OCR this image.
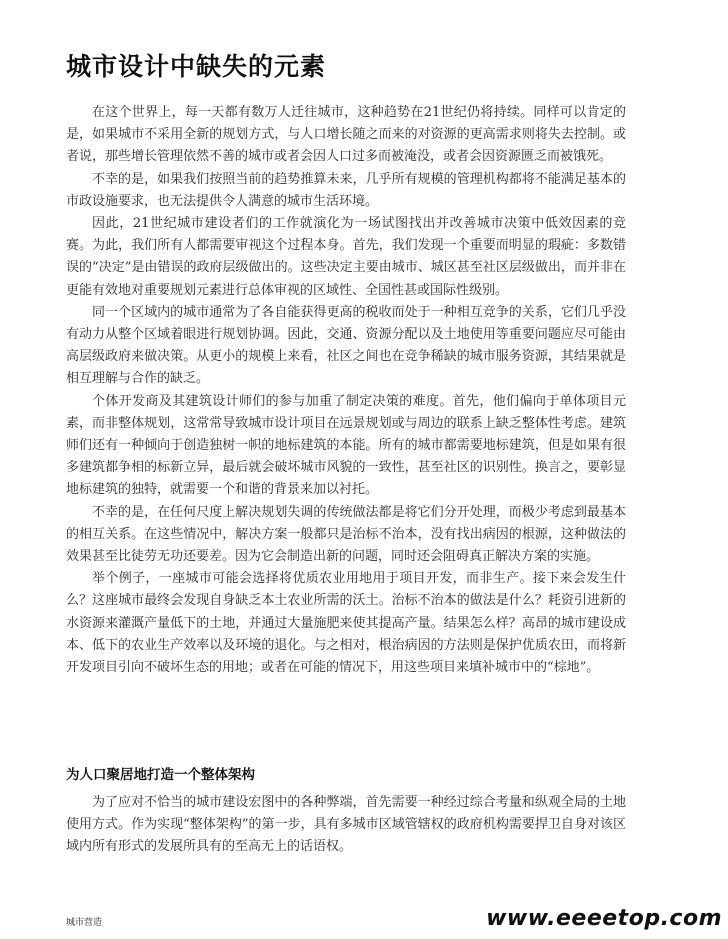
城市设计中缺失的元素

在这个世界上，每一天都有数万人迁往城市，这种趋势在21世纪仍将持续。同样可以肯定的是，如果城市不采用全新的规划方式，与人口增长随之而来的对资源的更高需求则将失去控制。或者说，那些增长管理依然不善的城市或者会因人口过多而被淹没，或者会因资源匮乏而被饿死。

不幸的是，如果我们按照当前的趋势推算未来，几乎所有规模的管理机构都将不能满足基本的市政设施要求，也无法提供令人满意的城市生活环境。

因此，21世纪城市建设者们的工作就演化为一场试图找出并改善城市决策中低效因素的竞赛。为此，我们所有人都需要审视这个过程本身。首先，我们发现一个重要而明显的瑕疵：多数错误的“决定”是由错误的政府层级做出的。这些决定主要由城市、城区甚至社区层级做出，而并非在更能有效地对重要规划元素进行总体审视的区域性、全国性甚或国际性级别。

同一个区域内的城市通常为了各自能获得更高的税收而处于一种相互竞争的关系，它们几乎没有动力从整个区域着眼进行规划协调。因此，交通、资源分配以及土地使用等重要问题应尽可能由高层级政府来做决策。从更小的规模上来看，社区之间也在竞争稀缺的城市服务资源，其结果就是相互理解与合作的缺乏。

个体开发商及其建筑设计师们的参与加重了制定决策的难度。首先，他们偏向于单体项目元素，而非整体规划，这常常导致城市设计项目在远景规划或与周边的联系上缺乏整体性考虑。建筑师们还有一种倾向于创造独树一帜的地标建筑的本能。所有的城市都需要地标建筑，但是如果有很多建筑都争相的标新立异，最后就会破坏城市风貌的一致性，甚至社区的识别性。换言之，要彰显地标建筑的独特，就需要一个和谐的背景来加以衬托。

不幸的是，在任何尺度上解决规划失调的传统做法都是将它们分开处理，而极少考虑到最基本的相互关系。在这些情况中，解决方案一般都只是治标不治本，没有找出病因的根源，这种做法的效果甚至比徒劳无功还要差。因为它会制造出新的问题，同时还会阻碍真正解决方案的实施。

举个例子，一座城市可能会选择将优质农业用地用于项目开发，而非生产。接下来会发生什么？这座城市最终会发现自身缺乏本土农业所需的沃土。治标不治本的做法是什么？耗资引进新的水资源来灌溉产量低下的土地，并通过大量施肥来使其提高产量。结果怎么样？高昂的城市建设成本、低下的农业生产效率以及环境的退化。与之相对，根治病因的方法则是保护优质农田，而将新开发项目引向不破坏生态的用地；或者在可能的情况下，用这些项目来填补城市中的“棕地”。

为人口聚居地打造一个整体架构

为了应对不恰当的城市建设宏图中的各种弊端，首先需要一种经过综合考量和纵观全局的土地使用方式。作为实现“整体架构”的第一步，具有多城市区域管辖权的政府机构需要捍卫自身对该区域内所有形式的发展所具有的至高无上的话语权。

城市营造	www.eeeetop.com
